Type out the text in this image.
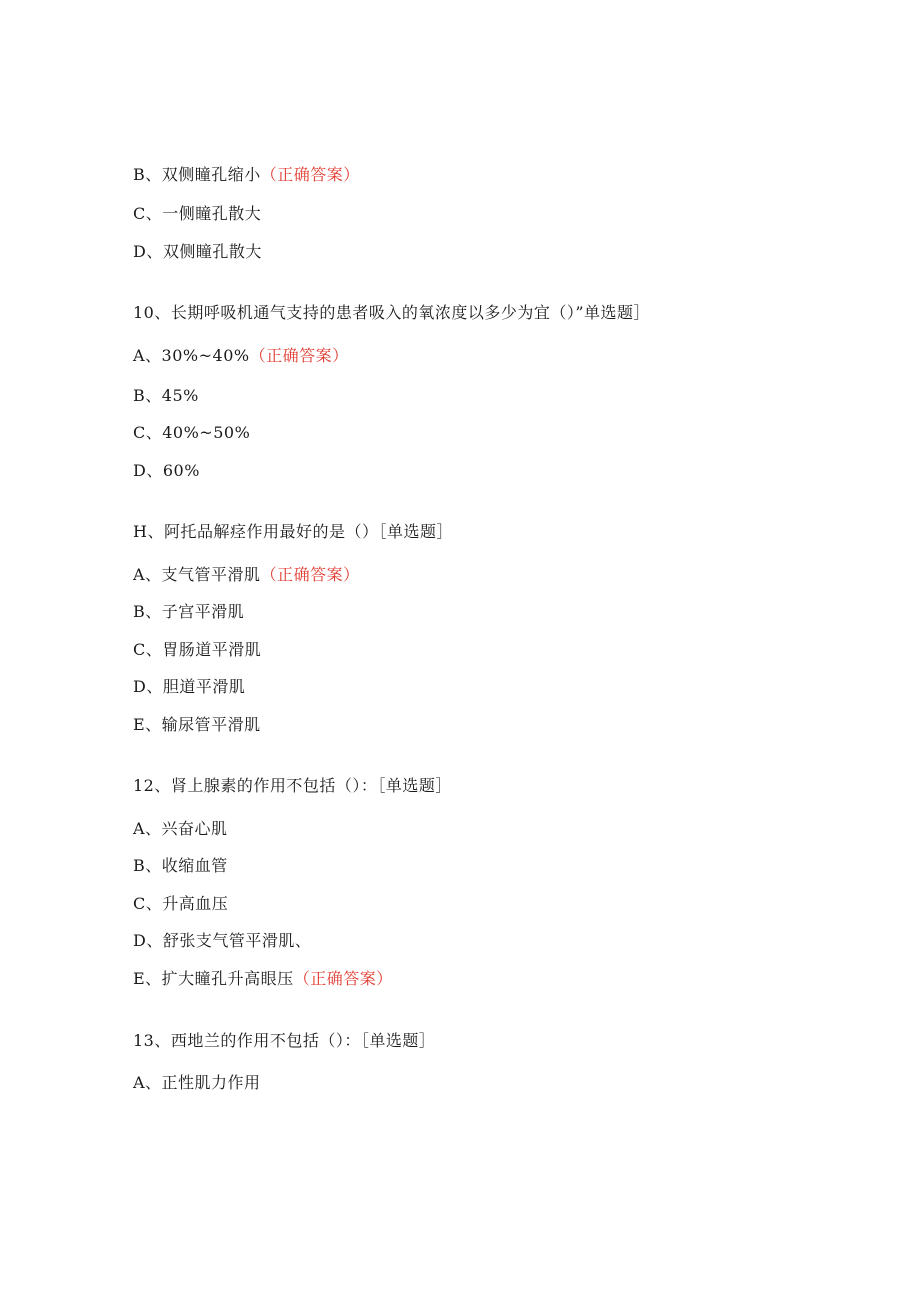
B、双侧瞳孔缩小（正确答案）
C、一侧瞳孔散大
D、双侧瞳孔散大
10、长期呼吸机通气支持的患者吸入的氧浓度以多少为宜（）”单选题］
A、30%~40%（正确答案）
B、45%
C、40%~50%
D、60%
H、阿托品解痉作用最好的是（）［单选题］
A、支气管平滑肌（正确答案）
B、子宫平滑肌
C、胃肠道平滑肌
D、胆道平滑肌
E、输尿管平滑肌
12、肾上腺素的作用不包括（）：［单选题］
A、兴奋心肌
B、收缩血管
C、升高血压
D、舒张支气管平滑肌、
E、扩大瞳孔升高眼压（正确答案）
13、西地兰的作用不包括（）：［单选题］
A、正性肌力作用
